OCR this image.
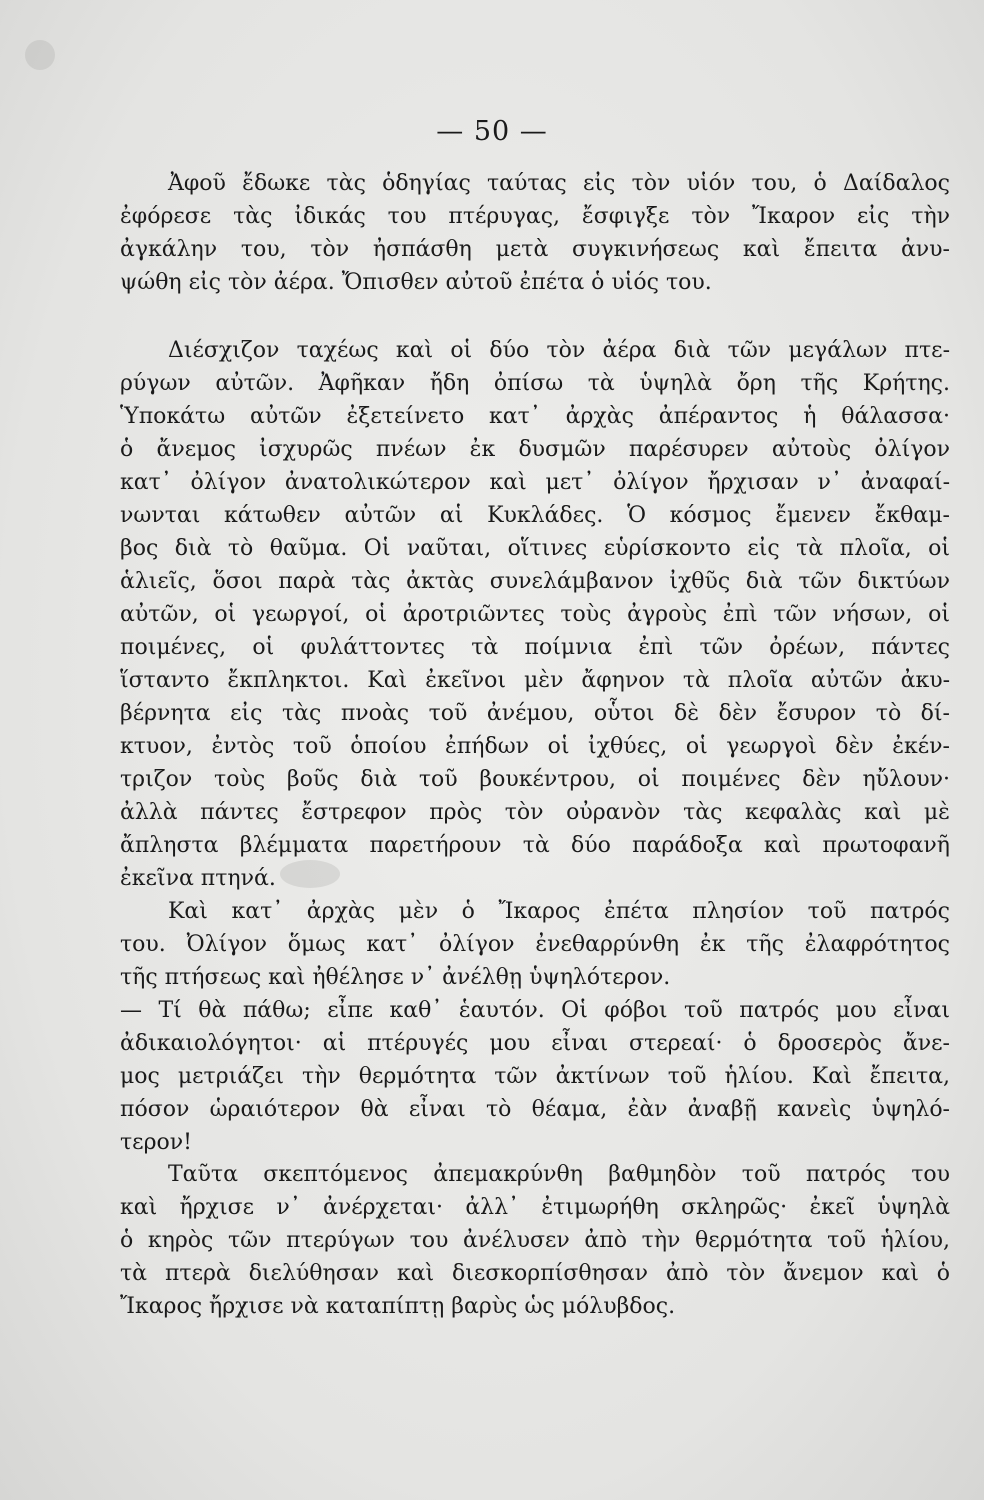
— 50 —
Ἀφοῦ ἔδωκε τὰς ὁδηγίας ταύτας εἰς τὸν υἱόν του, ὁ Δαίδαλος
ἐφόρεσε τὰς ἰδικάς του πτέρυγας, ἔσφιγξε τὸν Ἴκαρον εἰς τὴν
ἀγκάλην του, τὸν ἠσπάσθη μετὰ συγκινήσεως καὶ ἔπειτα ἀνυ-
ψώθη εἰς τὸν ἀέρα. Ὄπισθεν αὐτοῦ ἐπέτα ὁ υἱός του.
Διέσχιζον ταχέως καὶ οἱ δύο τὸν ἀέρα διὰ τῶν μεγάλων πτε-
ρύγων αὐτῶν. Ἀφῆκαν ἤδη ὀπίσω τὰ ὑψηλὰ ὄρη τῆς Κρήτης.
Ὑποκάτω αὐτῶν ἐξετείνετο κατ᾽ ἀρχὰς ἀπέραντος ἡ θάλασσα·
ὁ ἄνεμος ἰσχυρῶς πνέων ἐκ δυσμῶν παρέσυρεν αὐτοὺς ὀλίγον
κατ᾽ ὀλίγον ἀνατολικώτερον καὶ μετ᾽ ὀλίγον ἤρχισαν ν᾽ ἀναφαί-
νωνται κάτωθεν αὐτῶν αἱ Κυκλάδες. Ὁ κόσμος ἔμενεν ἔκθαμ-
βος διὰ τὸ θαῦμα. Οἱ ναῦται, οἵτινες εὑρίσκοντο εἰς τὰ πλοῖα, οἱ
ἁλιεῖς, ὅσοι παρὰ τὰς ἀκτὰς συνελάμβανον ἰχθῦς διὰ τῶν δικτύων
αὐτῶν, οἱ γεωργοί, οἱ ἀροτριῶντες τοὺς ἀγροὺς ἐπὶ τῶν νήσων, οἱ
ποιμένες, οἱ φυλάττοντες τὰ ποίμνια ἐπὶ τῶν ὀρέων, πάντες
ἵσταντο ἔκπληκτοι. Καὶ ἐκεῖνοι μὲν ἄφηνον τὰ πλοῖα αὐτῶν ἀκυ-
βέρνητα εἰς τὰς πνοὰς τοῦ ἀνέμου, οὗτοι δὲ δὲν ἔσυρον τὸ δί-
κτυον, ἐντὸς τοῦ ὁποίου ἐπήδων οἱ ἰχθύες, οἱ γεωργοὶ δὲν ἐκέν-
τριζον τοὺς βοῦς διὰ τοῦ βουκέντρου, οἱ ποιμένες δὲν ηὔλουν·
ἀλλὰ πάντες ἔστρεφον πρὸς τὸν οὐρανὸν τὰς κεφαλὰς καὶ μὲ
ἄπληστα βλέμματα παρετήρουν τὰ δύο παράδοξα καὶ πρωτοφανῆ
ἐκεῖνα πτηνά.
Καὶ κατ᾽ ἀρχὰς μὲν ὁ Ἴκαρος ἐπέτα πλησίον τοῦ πατρός
του. Ὀλίγον ὅμως κατ᾽ ὀλίγον ἐνεθαρρύνθη ἐκ τῆς ἐλαφρότητος
τῆς πτήσεως καὶ ἠθέλησε ν᾽ ἀνέλθῃ ὑψηλότερον.
— Τί θὰ πάθω; εἶπε καθ᾽ ἑαυτόν. Οἱ φόβοι τοῦ πατρός μου εἶναι
ἀδικαιολόγητοι· αἱ πτέρυγές μου εἶναι στερεαί· ὁ δροσερὸς ἄνε-
μος μετριάζει τὴν θερμότητα τῶν ἀκτίνων τοῦ ἡλίου. Καὶ ἔπειτα,
πόσον ὡραιότερον θὰ εἶναι τὸ θέαμα, ἐὰν ἀναβῇ κανεὶς ὑψηλό-
τερον!
Ταῦτα σκεπτόμενος ἀπεμακρύνθη βαθμηδὸν τοῦ πατρός του
καὶ ἤρχισε ν᾽ ἀνέρχεται· ἀλλ᾽ ἐτιμωρήθη σκληρῶς· ἐκεῖ ὑψηλὰ
ὁ κηρὸς τῶν πτερύγων του ἀνέλυσεν ἀπὸ τὴν θερμότητα τοῦ ἡλίου,
τὰ πτερὰ διελύθησαν καὶ διεσκορπίσθησαν ἀπὸ τὸν ἄνεμον καὶ ὁ
Ἴκαρος ἤρχισε νὰ καταπίπτῃ βαρὺς ὡς μόλυβδος.
